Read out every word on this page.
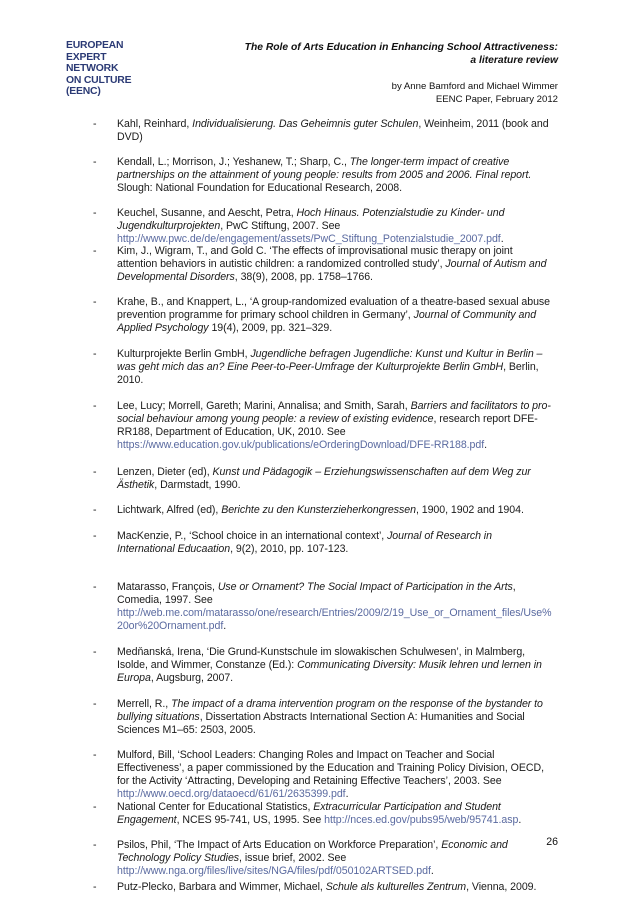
EUROPEAN
EXPERT
NETWORK
ON CULTURE
(EENC)
The Role of Arts Education in Enhancing School Attractiveness:
a literature review
by Anne Bamford and Michael Wimmer
EENC Paper, February 2012
- Kahl, Reinhard, Individualisierung. Das Geheimnis guter Schulen, Weinheim, 2011 (book and
DVD)
- Kendall, L.; Morrison, J.; Yeshanew, T.; Sharp, C., The longer-term impact of creative
partnerships on the attainment of young people: results from 2005 and 2006. Final report.
Slough: National Foundation for Educational Research, 2008.
- Keuchel, Susanne, and Aescht, Petra, Hoch Hinaus. Potenzialstudie zu Kinder- und
Jugendkulturprojekten, PwC Stiftung, 2007. See
http://www.pwc.de/de/engagement/assets/PwC_Stiftung_Potenzialstudie_2007.pdf.
- Kim, J., Wigram, T., and Gold C. ‘The effects of improvisational music therapy on joint
attention behaviors in autistic children: a randomized controlled study’, Journal of Autism and
Developmental Disorders, 38(9), 2008, pp. 1758–1766.
- Krahe, B., and Knappert, L., ‘A group-randomized evaluation of a theatre-based sexual abuse
prevention programme for primary school children in Germany’, Journal of Community and
Applied Psychology 19(4), 2009, pp. 321–329.
- Kulturprojekte Berlin GmbH, Jugendliche befragen Jugendliche: Kunst und Kultur in Berlin –
was geht mich das an? Eine Peer-to-Peer-Umfrage der Kulturprojekte Berlin GmbH, Berlin,
2010.
- Lee, Lucy; Morrell, Gareth; Marini, Annalisa; and Smith, Sarah, Barriers and facilitators to pro-
social behaviour among young people: a review of existing evidence, research report DFE-
RR188, Department of Education, UK, 2010. See
https://www.education.gov.uk/publications/eOrderingDownload/DFE-RR188.pdf.
- Lenzen, Dieter (ed), Kunst und Pädagogik – Erziehungswissenschaften auf dem Weg zur
Ästhetik, Darmstadt, 1990.
- Lichtwark, Alfred (ed), Berichte zu den Kunsterzieherkongressen, 1900, 1902 and 1904.
- MacKenzie, P., ‘School choice in an international context’, Journal of Research in
International Educaation, 9(2), 2010, pp. 107-123.
- Matarasso, François, Use or Ornament? The Social Impact of Participation in the Arts,
Comedia, 1997. See
http://web.me.com/matarasso/one/research/Entries/2009/2/19_Use_or_Ornament_files/Use%
20or%20Ornament.pdf.
- Medňanská, Irena, ‘Die Grund-Kunstschule im slowakischen Schulwesen’, in Malmberg,
Isolde, and Wimmer, Constanze (Ed.): Communicating Diversity: Musik lehren und lernen in
Europa, Augsburg, 2007.
- Merrell, R., The impact of a drama intervention program on the response of the bystander to
bullying situations, Dissertation Abstracts International Section A: Humanities and Social
Sciences M1–65: 2503, 2005.
- Mulford, Bill, ‘School Leaders: Changing Roles and Impact on Teacher and Social
Effectiveness’, a paper commissioned by the Education and Training Policy Division, OECD,
for the Activity ‘Attracting, Developing and Retaining Effective Teachers’, 2003. See
http://www.oecd.org/dataoecd/61/61/2635399.pdf.
- National Center for Educational Statistics, Extracurricular Participation and Student
Engagement, NCES 95-741, US, 1995. See http://nces.ed.gov/pubs95/web/95741.asp.
- Psilos, Phil, ‘The Impact of Arts Education on Workforce Preparation’, Economic and
Technology Policy Studies, issue brief, 2002. See
http://www.nga.org/files/live/sites/NGA/files/pdf/050102ARTSED.pdf.
- Putz-Plecko, Barbara and Wimmer, Michael, Schule als kulturelles Zentrum, Vienna, 2009.
26
